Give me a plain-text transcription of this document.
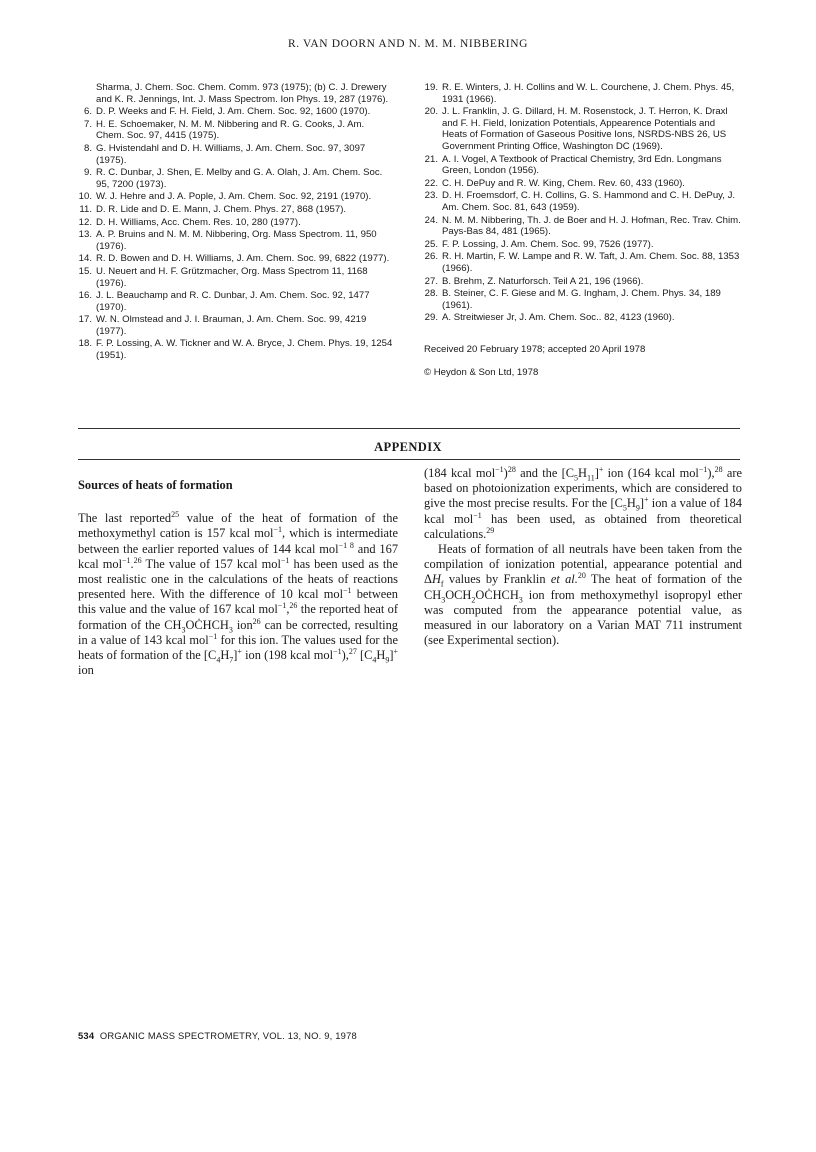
R. VAN DOORN AND N. M. M. NIBBERING
Sharma, J. Chem. Soc. Chem. Comm. 973 (1975); (b) C. J. Drewery and K. R. Jennings, Int. J. Mass Spectrom. Ion Phys. 19, 287 (1976).
6. D. P. Weeks and F. H. Field, J. Am. Chem. Soc. 92, 1600 (1970).
7. H. E. Schoemaker, N. M. M. Nibbering and R. G. Cooks, J. Am. Chem. Soc. 97, 4415 (1975).
8. G. Hvistendahl and D. H. Williams, J. Am. Chem. Soc. 97, 3097 (1975).
9. R. C. Dunbar, J. Shen, E. Melby and G. A. Olah, J. Am. Chem. Soc. 95, 7200 (1973).
10. W. J. Hehre and J. A. Pople, J. Am. Chem. Soc. 92, 2191 (1970).
11. D. R. Lide and D. E. Mann, J. Chem. Phys. 27, 868 (1957).
12. D. H. Williams, Acc. Chem. Res. 10, 280 (1977).
13. A. P. Bruins and N. M. M. Nibbering, Org. Mass Spectrom. 11, 950 (1976).
14. R. D. Bowen and D. H. Williams, J. Am. Chem. Soc. 99, 6822 (1977).
15. U. Neuert and H. F. Grützmacher, Org. Mass Spectrom 11, 1168 (1976).
16. J. L. Beauchamp and R. C. Dunbar, J. Am. Chem. Soc. 92, 1477 (1970).
17. W. N. Olmstead and J. I. Brauman, J. Am. Chem. Soc. 99, 4219 (1977).
18. F. P. Lossing, A. W. Tickner and W. A. Bryce, J. Chem. Phys. 19, 1254 (1951).
19. R. E. Winters, J. H. Collins and W. L. Courchene, J. Chem. Phys. 45, 1931 (1966).
20. J. L. Franklin, J. G. Dillard, H. M. Rosenstock, J. T. Herron, K. Draxl and F. H. Field, Ionization Potentials, Appearence Potentials and Heats of Formation of Gaseous Positive Ions, NSRDS-NBS 26, US Government Printing Office, Washington DC (1969).
21. A. I. Vogel, A Textbook of Practical Chemistry, 3rd Edn. Longmans Green, London (1956).
22. C. H. DePuy and R. W. King, Chem. Rev. 60, 433 (1960).
23. D. H. Froemsdorf, C. H. Collins, G. S. Hammond and C. H. DePuy, J. Am. Chem. Soc. 81, 643 (1959).
24. N. M. M. Nibbering, Th. J. de Boer and H. J. Hofman, Rec. Trav. Chim. Pays-Bas 84, 481 (1965).
25. F. P. Lossing, J. Am. Chem. Soc. 99, 7526 (1977).
26. R. H. Martin, F. W. Lampe and R. W. Taft, J. Am. Chem. Soc. 88, 1353 (1966).
27. B. Brehm, Z. Naturforsch. Teil A 21, 196 (1966).
28. B. Steiner, C. F. Giese and M. G. Ingham, J. Chem. Phys. 34, 189 (1961).
29. A. Streitwieser Jr, J. Am. Chem. Soc.. 82, 4123 (1960).
Received 20 February 1978; accepted 20 April 1978
© Heydon & Son Ltd, 1978
APPENDIX
Sources of heats of formation

The last reported$^{25}$ value of the heat of formation of the methoxymethyl cation is 157 kcal mol$^{-1}$, which is intermediate between the earlier reported values of 144 kcal mol$^{-1 8}$ and 167 kcal mol$^{-1}$.$^{26}$ The value of 157 kcal mol$^{-1}$ has been used as the most realistic one in the calculations of the heats of reactions presented here. With the difference of 10 kcal mol$^{-1}$ between this value and the value of 167 kcal mol$^{-1}$,$^{26}$ the reported heat of formation of the $CH_3OĊHCH_3$ ion$^{26}$ can be corrected, resulting in a value of 143 kcal mol$^{-1}$ for this ion. The values used for the heats of formation of the $[C_4H_7]^+$ ion (198 kcal mol$^{-1}$),$^{27}$ $[C_4H_9]^+$ ion

(184 kcal mol$^{-1}$)$^{28}$ and the $[C_5H_{11}]^+$ ion (164 kcal mol$^{-1}$),$^{28}$ are based on photoionization experiments, which are considered to give the most precise results. For the $[C_5H_9]^+$ ion a value of 184 kcal mol$^{-1}$ has been used, as obtained from theoretical calculations.$^{29}$

Heats of formation of all neutrals have been taken from the compilation of ionization potential, appearance potential and $\Delta H_f$ values by Franklin et al.$^{20}$ The heat of formation of the $CH_3OCH_2OĊHCH_3$ ion from methoxymethyl isopropyl ether was computed from the appearance potential value, as measured in our laboratory on a Varian MAT 711 instrument (see Experimental section).

534 ORGANIC MASS SPECTROMETRY, VOL. 13, NO. 9, 1978
